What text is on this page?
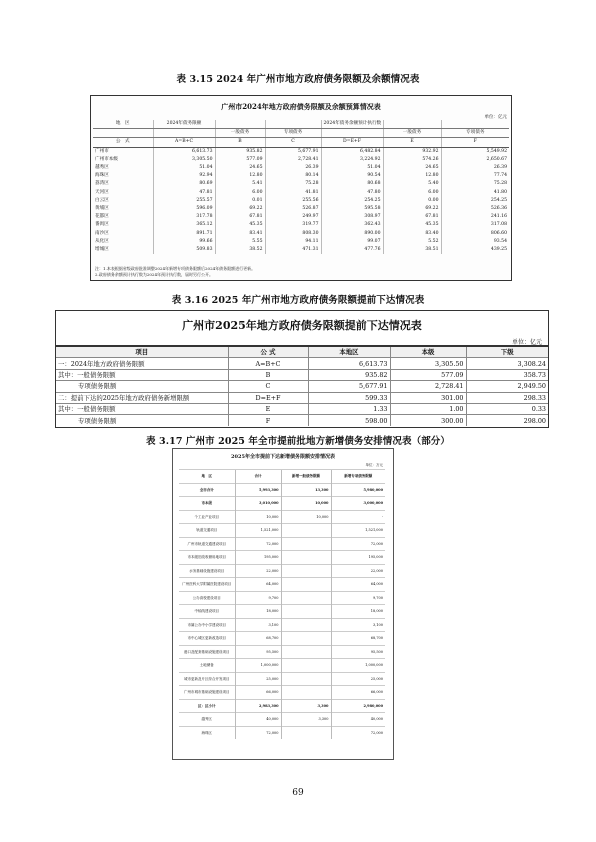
表 3.15 2024 年广州市地方政府债务限额及余额情况表
广州市2024年地方政府债务限额及余额预算情况表
单位：亿元
地　区	2024年债务限额			2024年债务余额预计执行数		
		一般债务	专项债务		一般债务	专项债务
公　式	A=B+C	B	C	D=E+F	E	F
广州市	6,613.73	935.82	5,677.91	6,482.84	932.92	5,549.92
广州市本级	3,305.50	577.09	2,728.41	3,224.92	574.26	2,650.67
越秀区	51.04	24.65	26.39	51.04	24.65	26.39
海珠区	92.94	12.80	80.14	90.54	12.80	77.74
荔湾区	80.69	5.41	75.28	80.68	5.40	75.28
天河区	47.81	6.00	41.81	47.80	6.00	41.80
白云区	255.57	0.01	255.56	254.25	0.00	254.25
黄埔区	596.09	69.22	526.87	595.58	69.22	526.36
花都区	317.78	67.81	249.97	308.97	67.81	241.16
番禺区	365.12	45.35	319.77	362.43	45.35	317.08
南沙区	891.71	83.41	808.30	890.00	83.40	806.60
从化区	99.66	5.55	94.11	99.07	5.52	93.54
增城区	509.83	38.52	471.31	477.76	38.51	439.25
注：1.本表根据省级政府批准调整2024年新增专项债务限额后2024年债务限额进行更新。
2.政府债务余额预计执行数为2024年预计执行数，届时另行公开。
表 3.16 2025 年广州市地方政府债务限额提前下达情况表
广州市2025年地方政府债务限额提前下达情况表
单位：亿元
项目	公 式	本地区	本级	下级
一：2024年地方政府债务限额	A=B+C	6,613.73	3,305.50	3,308.24
其中：一般债务限额	B	935.82	577.09	358.73
专项债务限额	C	5,677.91	2,728.41	2,949.50
二：提前下达的2025年地方政府债务新增限额	D=E+F	599.33	301.00	298.33
其中：一般债务限额	E	1.33	1.00	0.33
专项债务限额	F	598.00	300.00	298.00
表 3.17 广州市 2025 年全市提前批地方新增债务安排情况表（部分）
2025年全市提前下达新增债务限额安排情况表
单位：万元
地　区	合计	新增一般债务限额	新增专项债务限额
全市合计	5,993,300	13,300	5,980,000
市本级	3,010,000	10,000	3,000,000
个工业产业项目	10,000	10,000	-
轨道交通项目	1,521,000		1,521,000
广州市轨道交通建设项目	72,000		72,000
市本级旧改收储用地项目	195,000		195,000
水务基础设施建设项目	22,000		22,000
广州医科大学附属医院建设项目	64,000		64,000
公办高校建设项目	9,700		9,700
中轴线建设项目	18,000		18,000
市属公办中小学建设项目	3,100		3,100
市中心城区更新改造项目	68,700		68,700
港口及配套基础设施建设项目	95,500		95,500
土地储备	1,000,000		1,000,000
城市更新及片区综合开发项目	25,000		25,000
广州市城市基础设施建设项目	66,000		66,000
区：区小计	2,983,300	3,300	2,980,000
越秀区	40,000	3,300	40,000
海珠区	72,000		72,000
69
